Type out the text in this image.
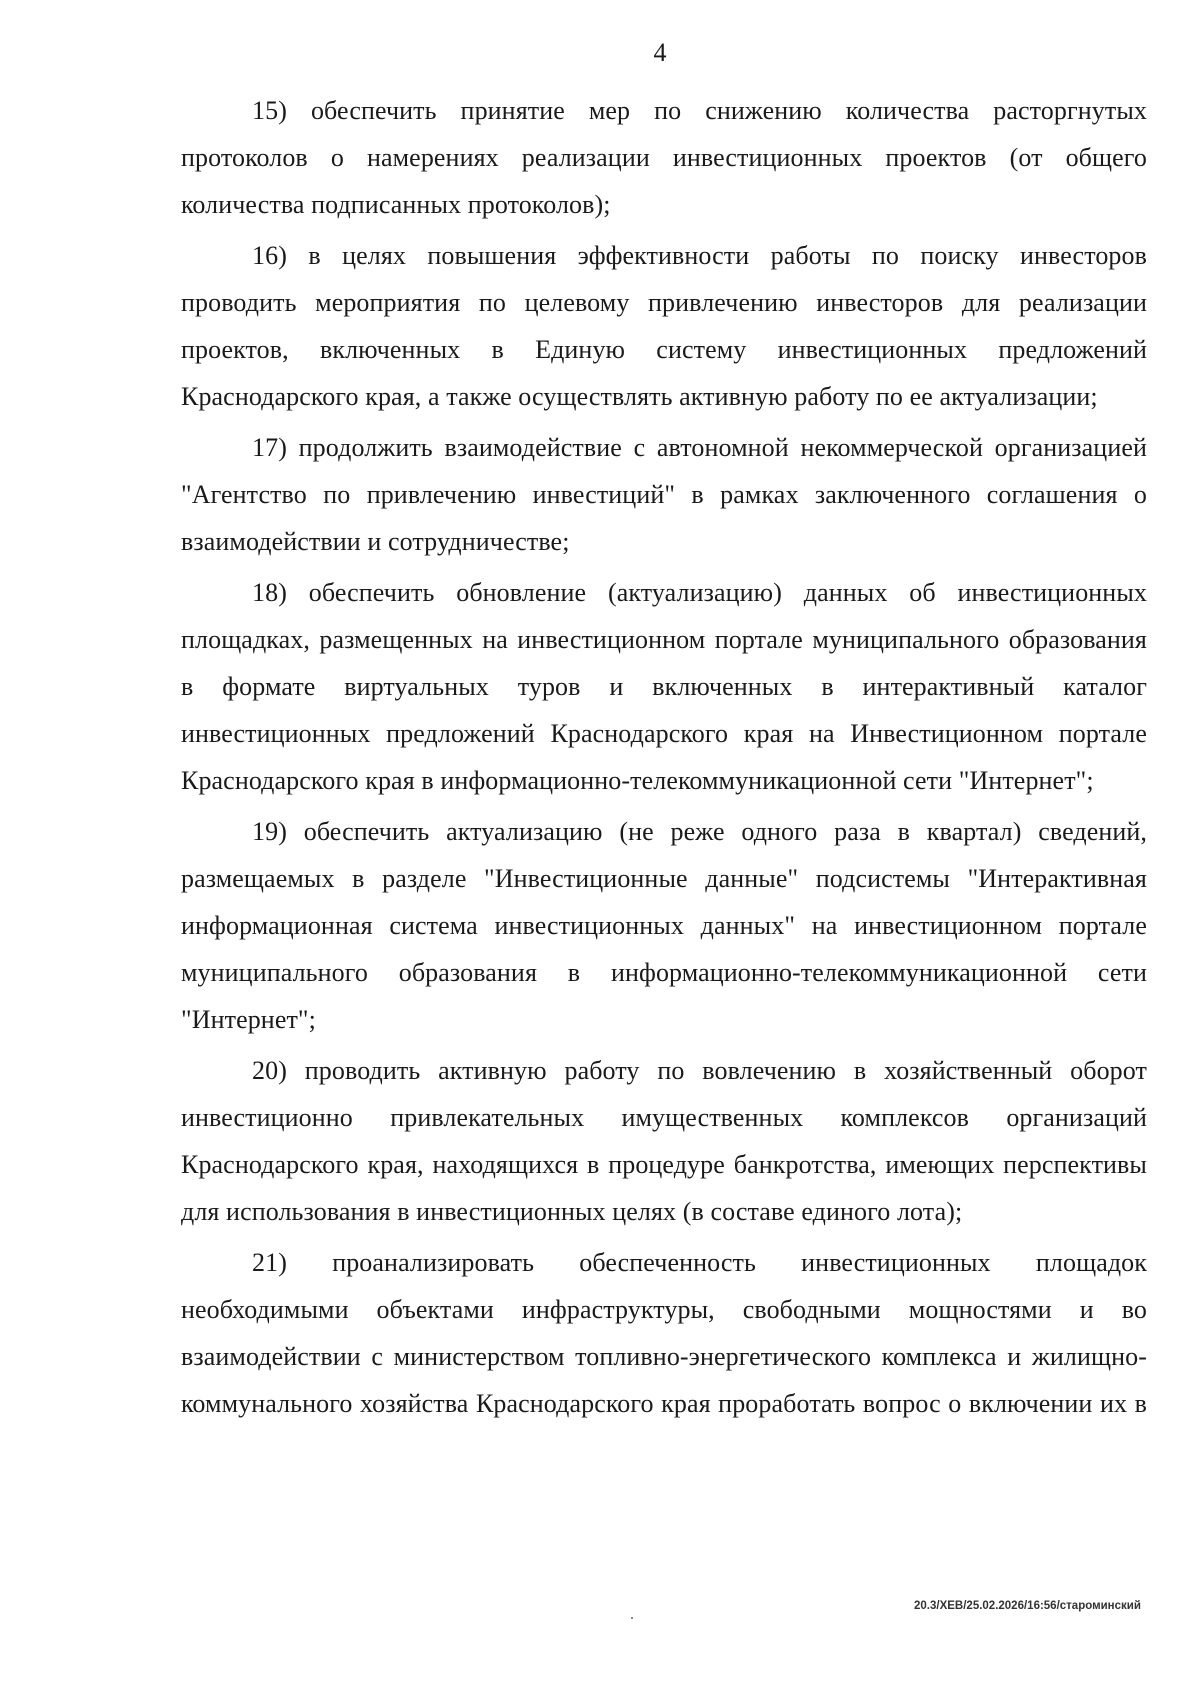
4

15) обеспечить принятие мер по снижению количества расторгнутых протоколов о намерениях реализации инвестиционных проектов (от общего количества подписанных протоколов);

16) в целях повышения эффективности работы по поиску инвесторов проводить мероприятия по целевому привлечению инвесторов для реализации проектов, включенных в Единую систему инвестиционных предложений Краснодарского края, а также осуществлять активную работу по ее актуализации;

17) продолжить взаимодействие с автономной некоммерческой организацией "Агентство по привлечению инвестиций" в рамках заключенного соглашения о взаимодействии и сотрудничестве;

18) обеспечить обновление (актуализацию) данных об инвестиционных площадках, размещенных на инвестиционном портале муниципального образования в формате виртуальных туров и включенных в интерактивный каталог инвестиционных предложений Краснодарского края на Инвестиционном портале Краснодарского края в информационно-телекоммуникационной сети "Интернет";

19) обеспечить актуализацию (не реже одного раза в квартал) сведений, размещаемых в разделе "Инвестиционные данные" подсистемы "Интерактивная информационная система инвестиционных данных" на инвестиционном портале муниципального образования в информационно-телекоммуникационной сети "Интернет";

20) проводить активную работу по вовлечению в хозяйственный оборот инвестиционно привлекательных имущественных комплексов организаций Краснодарского края, находящихся в процедуре банкротства, имеющих перспективы для использования в инвестиционных целях (в составе единого лота);

21) проанализировать обеспеченность инвестиционных площадок необходимыми объектами инфраструктуры, свободными мощностями и во взаимодействии с министерством топливно-энергетического комплекса и жилищно-коммунального хозяйства Краснодарского края проработать вопрос о включении их в

20.3/ХЕВ/25.02.2026/16:56/староминский
